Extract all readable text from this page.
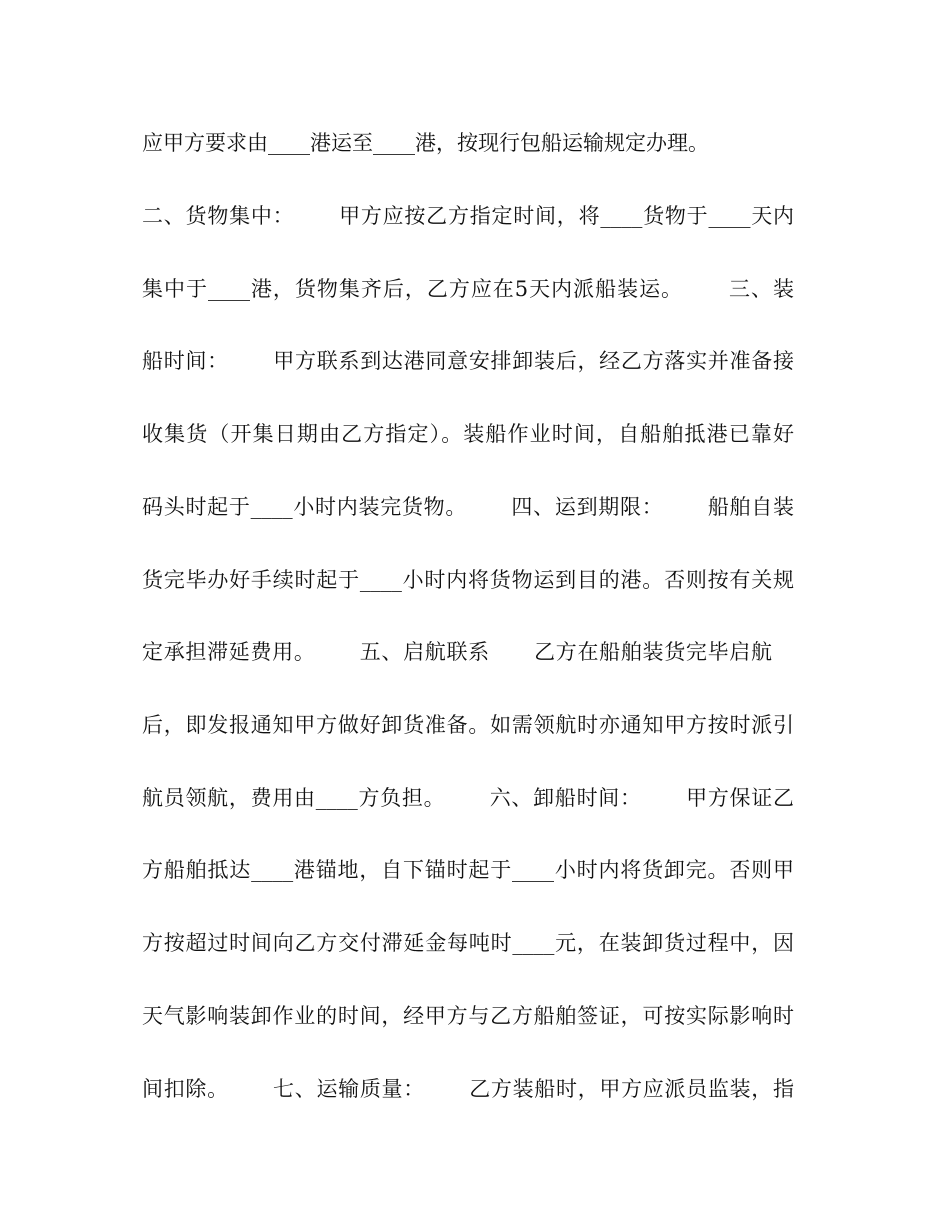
应甲方要求由____港运至____港，按现行包船运输规定办理。
二、货物集中：      甲方应按乙方指定时间，将____货物于____天内
集中于____港，货物集齐后，乙方应在5天内派船装运。      三、装
船时间：      甲方联系到达港同意安排卸装后，经乙方落实并准备接
收集货（开集日期由乙方指定）。装船作业时间，自船舶抵港已靠好
码头时起于____小时内装完货物。      四、运到期限：      船舶自装
货完毕办好手续时起于____小时内将货物运到目的港。否则按有关规
定承担滞延费用。      五、启航联系      乙方在船舶装货完毕启航
后，即发报通知甲方做好卸货准备。如需领航时亦通知甲方按时派引
航员领航，费用由____方负担。      六、卸船时间：      甲方保证乙
方船舶抵达____港锚地，自下锚时起于____小时内将货卸完。否则甲
方按超过时间向乙方交付滞延金每吨时____元，在装卸货过程中，因
天气影响装卸作业的时间，经甲方与乙方船舶签证，可按实际影响时
间扣除。      七、运输质量：      乙方装船时，甲方应派员监装，指
